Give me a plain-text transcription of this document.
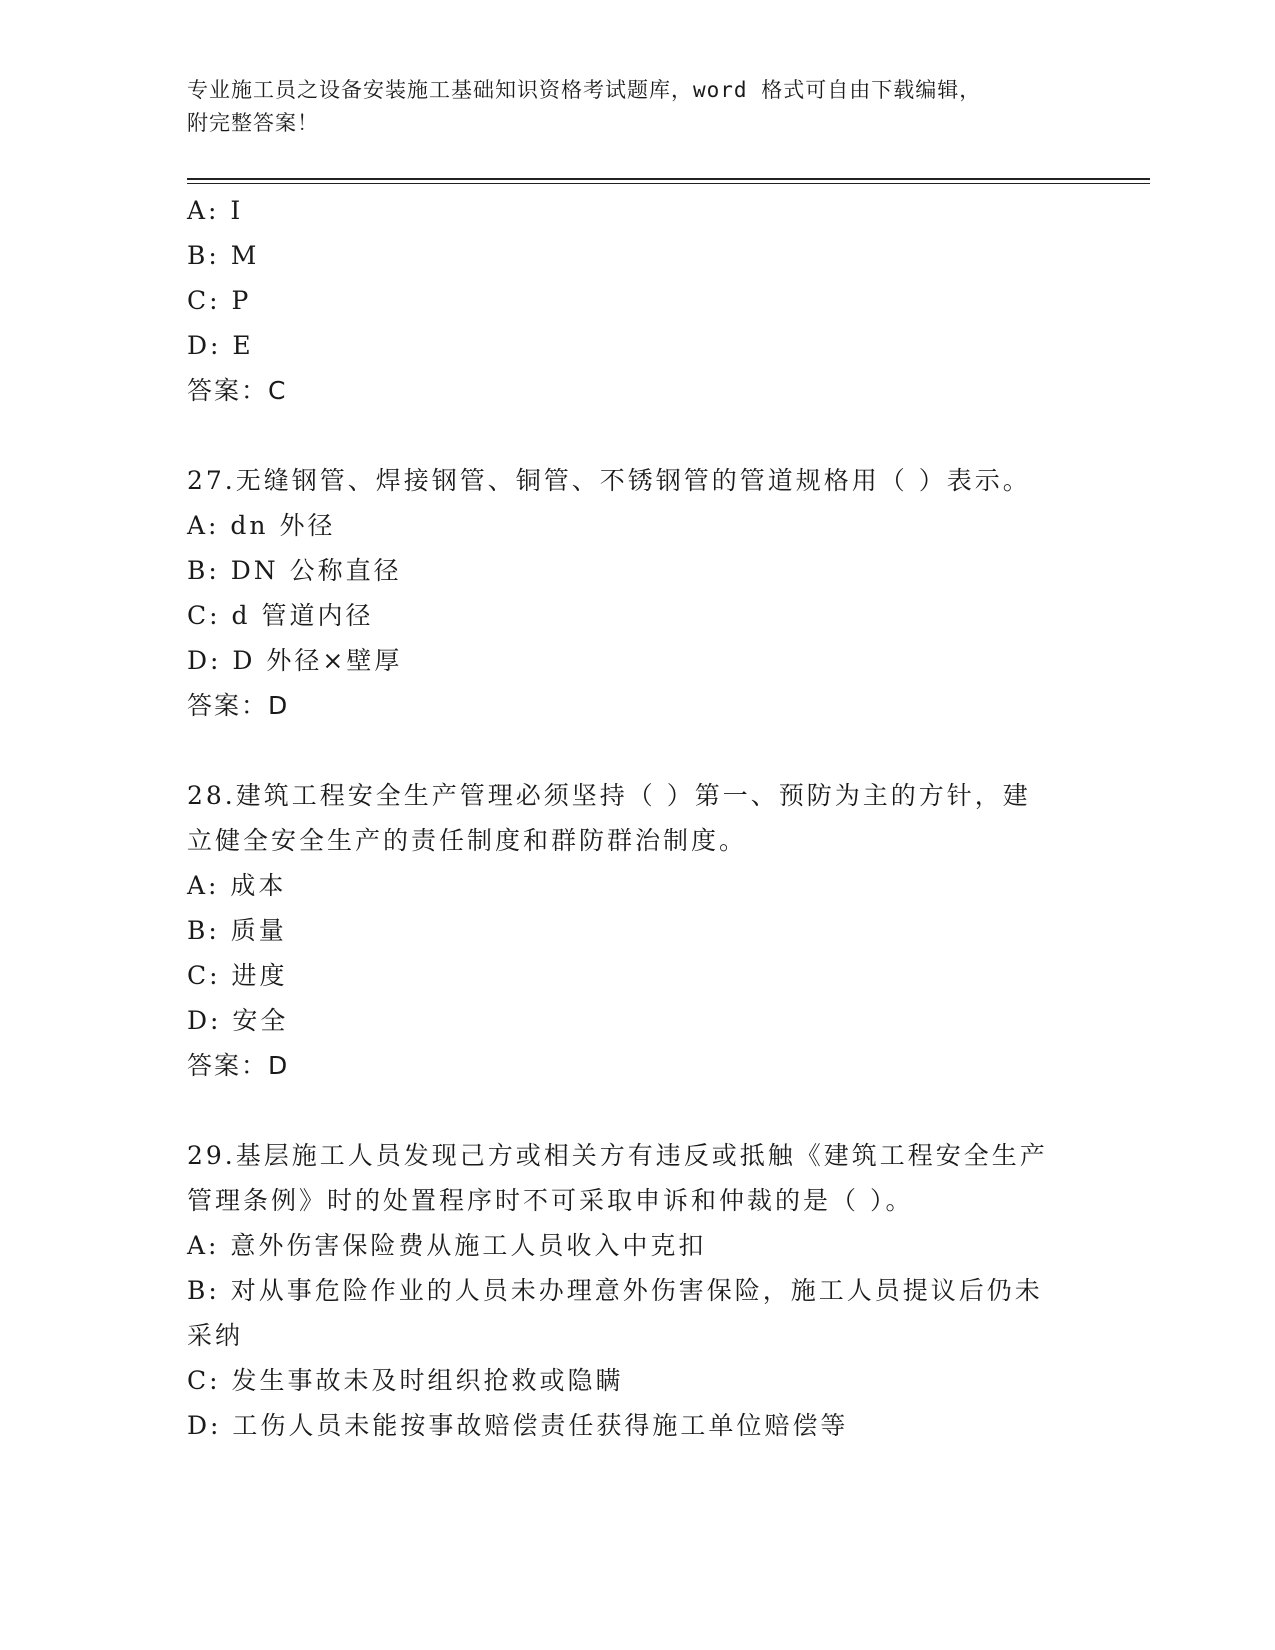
专业施工员之设备安装施工基础知识资格考试题库，word 格式可自由下载编辑，
附完整答案！
A: I
B: M
C: P
D: E
答案：C
27.无缝钢管、焊接钢管、铜管、不锈钢管的管道规格用（ ）表示。
A: dn 外径
B: DN 公称直径
C: d 管道内径
D: D 外径×壁厚
答案：D
28.建筑工程安全生产管理必须坚持（ ）第一、预防为主的方针，建
立健全安全生产的责任制度和群防群治制度。
A: 成本
B: 质量
C: 进度
D: 安全
答案：D
29.基层施工人员发现己方或相关方有违反或抵触《建筑工程安全生产
管理条例》时的处置程序时不可采取申诉和仲裁的是（ ）。
A: 意外伤害保险费从施工人员收入中克扣
B: 对从事危险作业的人员未办理意外伤害保险，施工人员提议后仍未
采纳
C: 发生事故未及时组织抢救或隐瞒
D: 工伤人员未能按事故赔偿责任获得施工单位赔偿等
